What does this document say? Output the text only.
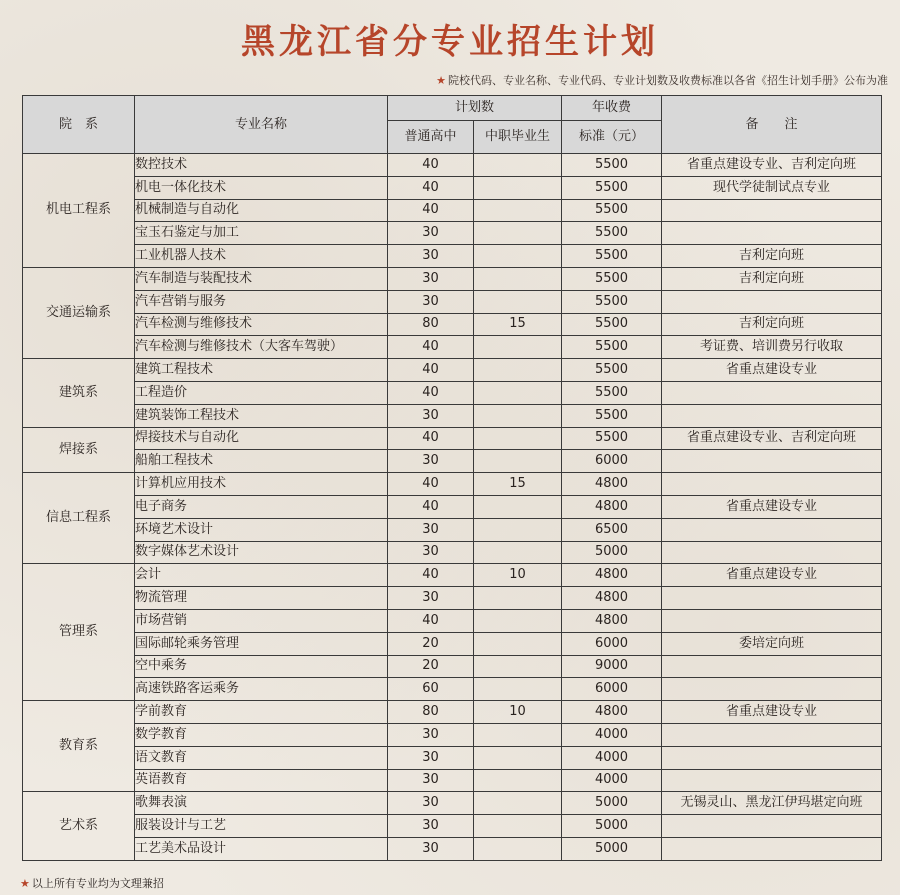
黑龙江省分专业招生计划
★ 院校代码、专业名称、专业代码、专业计划数及收费标准以各省《招生计划手册》公布为准
院　系	专业名称	计划数		年收费	备　　注
		普通高中	中职毕业生	标准（元）	
机电工程系	数控技术	40		5500	省重点建设专业、吉利定向班
	机电一体化技术	40		5500	现代学徒制试点专业
	机械制造与自动化	40		5500	
	宝玉石鉴定与加工	30		5500	
	工业机器人技术	30		5500	吉利定向班
交通运输系	汽车制造与装配技术	30		5500	吉利定向班
	汽车营销与服务	30		5500	
	汽车检测与维修技术	80	15	5500	吉利定向班
	汽车检测与维修技术（大客车驾驶）	40		5500	考证费、培训费另行收取
建筑系	建筑工程技术	40		5500	省重点建设专业
	工程造价	40		5500	
	建筑装饰工程技术	30		5500	
焊接系	焊接技术与自动化	40		5500	省重点建设专业、吉利定向班
	船舶工程技术	30		6000	
信息工程系	计算机应用技术	40	15	4800	
	电子商务	40		4800	省重点建设专业
	环境艺术设计	30		6500	
	数字媒体艺术设计	30		5000	
管理系	会计	40	10	4800	省重点建设专业
	物流管理	30		4800	
	市场营销	40		4800	
	国际邮轮乘务管理	20		6000	委培定向班
	空中乘务	20		9000	
	高速铁路客运乘务	60		6000	
教育系	学前教育	80	10	4800	省重点建设专业
	数学教育	30		4000	
	语文教育	30		4000	
	英语教育	30		4000	
艺术系	歌舞表演	30		5000	无锡灵山、黑龙江伊玛堪定向班
	服装设计与工艺	30		5000	
	工艺美术品设计	30		5000	
★ 以上所有专业均为文理兼招
